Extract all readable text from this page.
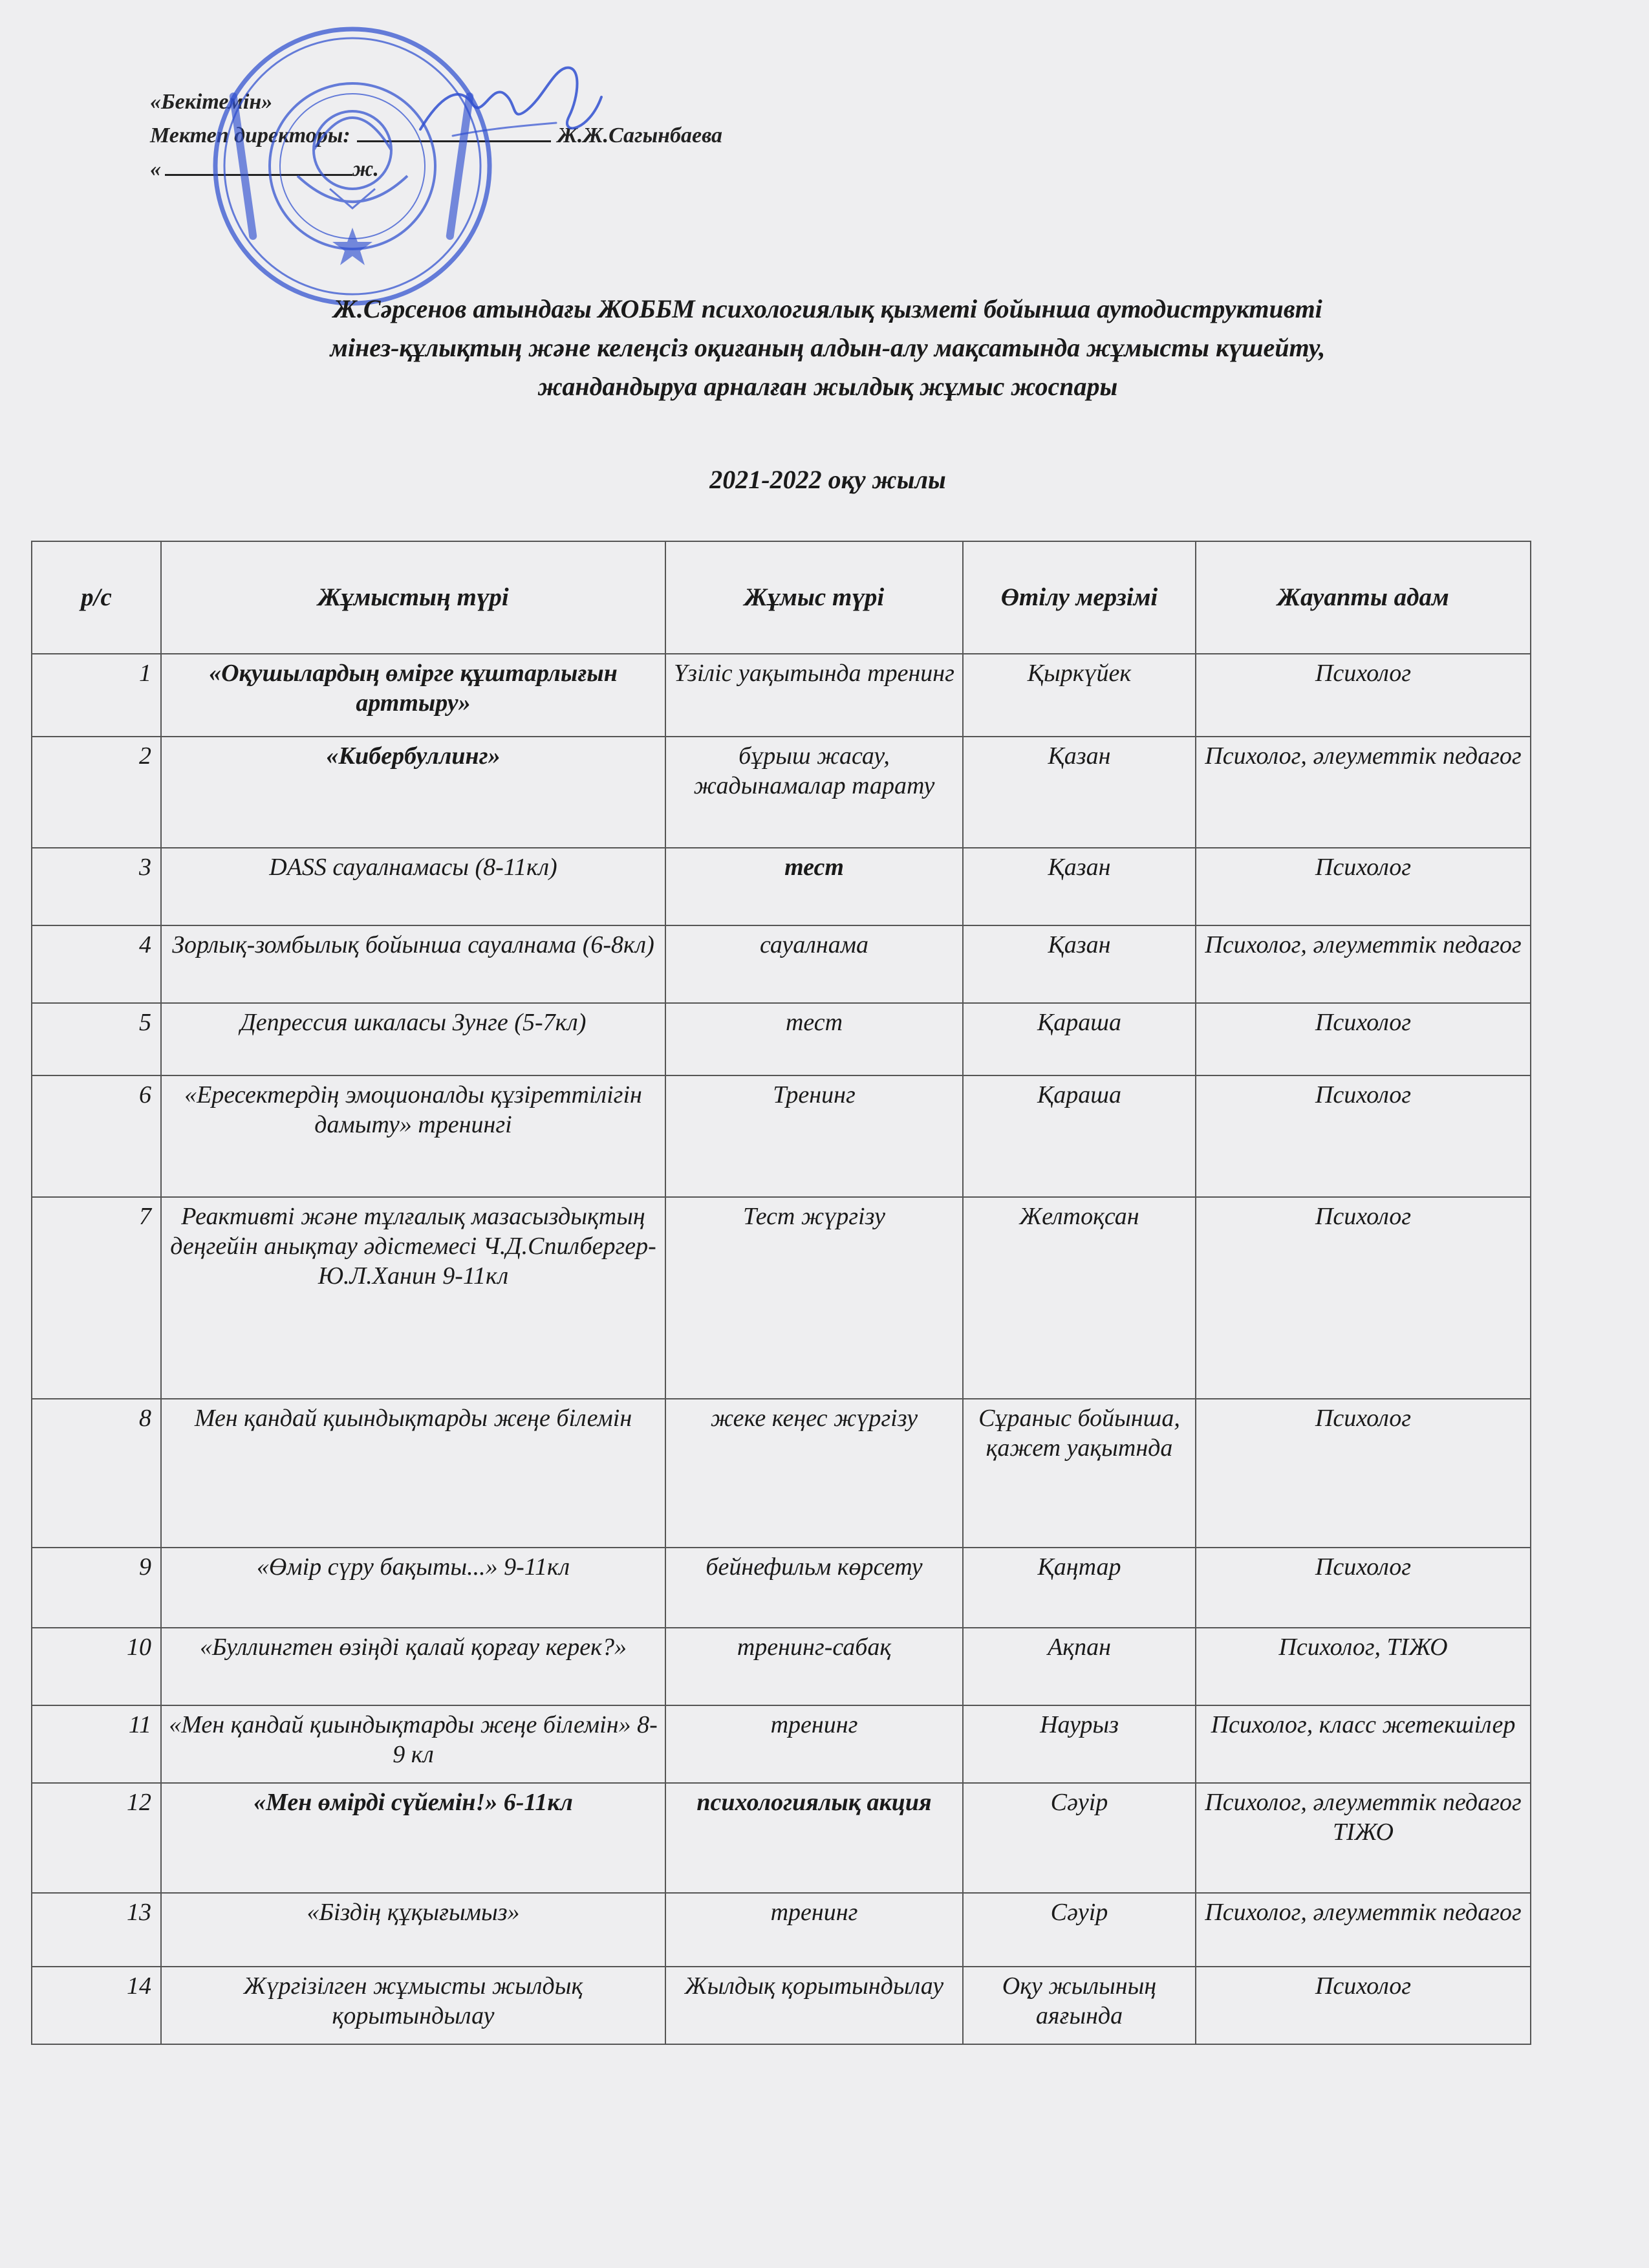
«Бекітемін»
Мектеп директоры:	Ж.Ж.Сагынбаева
«	ж.
Ж.Сәрсенов атындағы ЖОББМ психологиялық қызметі бойынша аутодиструктивті
мінез-құлықтың және келеңсіз оқиғаның алдын-алу мақсатында жұмысты күшейту,
жандандыруа арналған жылдық жұмыс жоспары
2021-2022 оқу жылы
р/с	Жұмыстың түрі	Жұмыс түрі	Өтілу мерзімі	Жауапты адам
1	«Оқушылардың өмірге құштарлығын арттыру»	Үзіліс уақытында тренинг	Қыркүйек	Психолог
2	«Кибербуллинг»	бұрыш жасау, жадынамалар тарату	Қазан	Психолог, әлеуметтік педагог
3	DASS сауалнамасы (8-11кл)	тест	Қазан	Психолог
4	Зорлық-зомбылық бойынша сауалнама (6-8кл)	сауалнама	Қазан	Психолог, әлеуметтік педагог
5	Депрессия шкаласы Зунге (5-7кл)	тест	Қараша	Психолог
6	«Ересектердің эмоционалды құзіреттілігін дамыту» тренингі	Тренинг	Қараша	Психолог
7	Реактивті және тұлғалық мазасыздықтың деңгейін анықтау әдістемесі Ч.Д.Спилбергер-Ю.Л.Ханин 9-11кл	Тест жүргізу	Желтоқсан	Психолог
8	Мен қандай қиындықтарды жеңе білемін	жеке кеңес жүргізу	Сұраныс бойынша, қажет уақытнда	Психолог
9	«Өмір сүру бақыты...» 9-11кл	бейнефильм көрсету	Қаңтар	Психолог
10	«Буллингтен өзіңді қалай қорғау керек?»	тренинг-сабақ	Ақпан	Психолог, ТІЖО
11	«Мен қандай қиындықтарды жеңе білемін» 8-9 кл	тренинг	Наурыз	Психолог, класс жетекшілер
12	«Мен өмірді сүйемін!» 6-11кл	психологиялық акция	Сәуір	Психолог, әлеуметтік педагог ТІЖО
13	«Біздің құқығымыз»	тренинг	Сәуір	Психолог, әлеуметтік педагог
14	Жүргізілген жұмысты жылдық қорытындылау	Жылдық қорытындылау	Оқу жылының аяғында	Психолог
